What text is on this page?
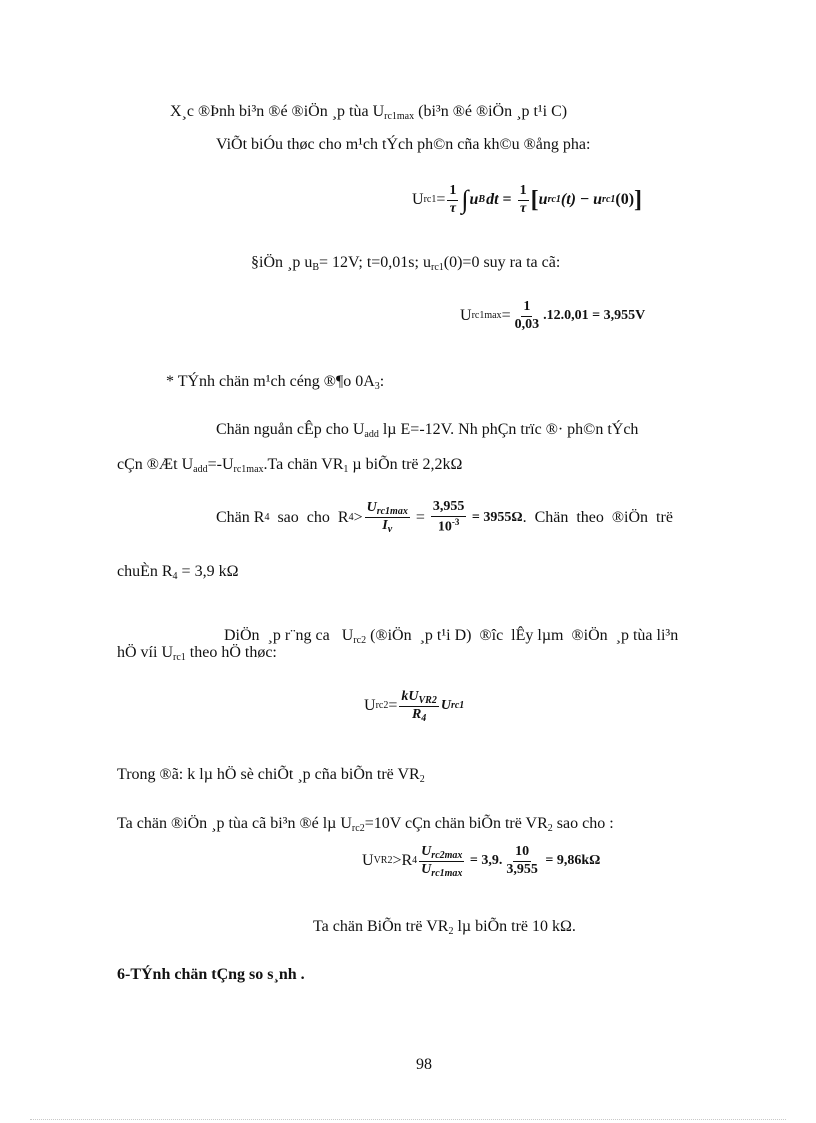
X¸c ®Þnh bi³n ®é ®iÖn ¸p tùa $U_{rc1max}$ (bi³n ®é ®iÖn ¸p t¹i C)
ViÕt biÓu thøc cho m¹ch tÝch ph©n cña kh©u ®ång pha:
U $rc1 = \frac{1}{\tau}$ ∫ u B dt = $\frac{1}{\tau}$ [ u rc1 (t) − u rc1 (0) ]
§iÖn ¸p $u_B= 12V$; t=0,01s; $u_{rc1}(0)=0$ suy ra ta cã:
U $rc1\max = \frac{1}{0,03} .12.0,01 = 3,955V$
* TÝnh chän m¹ch céng ®¶o $0A_3$:
Chän nguån cÊp cho $U_{add}$ lµ E=-12V. Nh phÇn trïc ®· ph©n tÝch
cÇn ®Æt $U_{add}=-U_{rc1max}.Ta$ chän $VR_1$ µ biÕn trë 2,2kΩ
Chän R 4 sao  cho  R $4 > \frac{U_{rc1max}}{I_v} = \frac{3,955}{10^{-3}} = 3955\Omega$ .  Chän  theo  ®iÖn  trë
chuÈn $R_4 = 3,9$ kΩ

DiÖn  ¸p r¨ng ca   $U_{rc2}$ (®iÖn  ¸p t¹i D)  ®îc  lÊy lµm  ®iÖn  ¸p tùa li³n

hÖ víi $U_{rc1}$ theo hÖ thøc:
U $rc2 = \frac{kU_{VR2}}{R_4}$ U rc1
Trong ®ã: k lµ hÖ sè chiÕt ¸p cña biÕn trë $VR_2$
Ta chän ®iÖn ¸p tùa cã bi³n ®é lµ $U_{rc2}=10V$ cÇn chän biÕn trë $VR_2$ sao cho :
U VR2 >R $4 \frac{U_{rc2max}}{U_{rc1max}} = 3,9$. $\frac{10}{3,955} = 9,86k\Omega$
Ta chän BiÕn trë $VR_2$ lµ biÕn trë 10 kΩ.
6-TÝnh chän tÇng so s¸nh .
98
